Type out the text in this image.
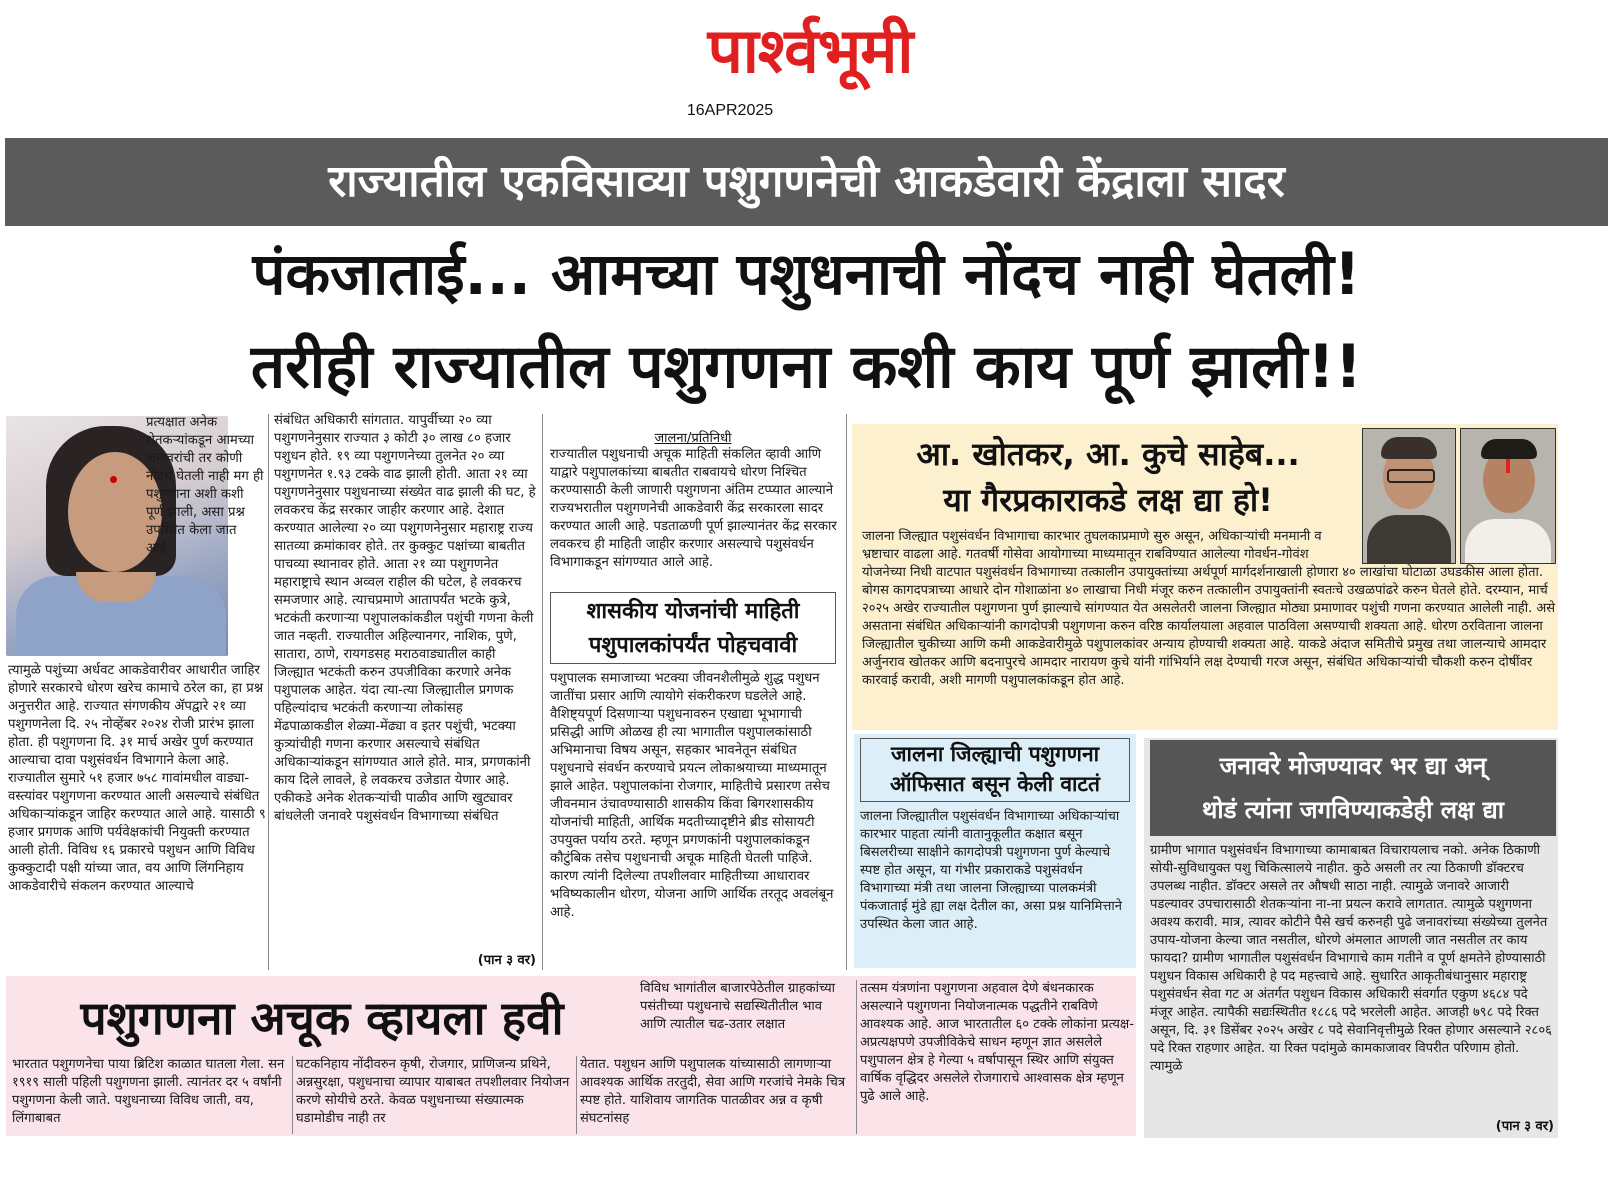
पार्श्वभूमी
16APR2025
राज्यातील एकविसाव्या पशुगणनेची आकडेवारी केंद्राला सादर
पंकजाताई... आमच्या पशुधनाची नोंदच नाही घेतली!
तरीही राज्यातील पशुगणना कशी काय पूर्ण झाली!!
प्रत्यक्षात अनेक शेतकऱ्यांकडून आमच्या जनावरांची तर कोणी नोंदच घेतली नाही मग ही पशुगणना अशी कशी पूर्ण झाली, असा प्रश्न उपस्थित केला जात आहे.
त्यामुळे पशुंच्या अर्धवट आकडेवारीवर आधारीत जाहिर होणारे सरकारचे धोरण खरेच कामाचे ठरेल का, हा प्रश्न अनुत्तरीत आहे. राज्यात संगणकीय ॲपद्वारे २१ व्या पशुगणनेला दि. २५ नोव्हेंबर २०२४ रोजी प्रारंभ झाला होता. ही पशुगणना दि. ३१ मार्च अखेर पुर्ण करण्यात आल्याचा दावा पशुसंवर्धन विभागाने केला आहे. राज्यातील सुमारे ५१ हजार ७५८ गावांमधील वाड्या-वस्त्यांवर पशुगणना करण्यात आली असल्याचे संबंधित अधिकाऱ्यांकडून जाहिर करण्यात आले आहे. यासाठी ९ हजार प्रगणक आणि पर्यवेक्षकांची नियुक्ती करण्यात आली होती. विविध १६ प्रकारचे पशुधन आणि विविध कुक्कुटादी पक्षी यांच्या जात, वय आणि लिंगनिहाय आकडेवारीचे संकलन करण्यात आल्याचे
संबंधित अधिकारी सांगतात. यापुर्वीच्या २० व्या पशुगणनेनुसार राज्यात ३ कोटी ३० लाख ८० हजार पशुधन होते. १९ व्या पशुगणनेच्या तुलनेत २० व्या पशुगणनेत १.९३ टक्के वाढ झाली होती. आता २१ व्या पशुगणनेनुसार पशुधनाच्या संख्येत वाढ झाली की घट, हे लवकरच केंद्र सरकार जाहीर करणार आहे. देशात करण्यात आलेल्या २० व्या पशुगणनेनुसार महाराष्ट्र राज्य सातव्या क्रमांकावर होते. तर कुक्कुट पक्षांच्या बाबतीत पाचव्या स्थानावर होते. आता २१ व्या पशुगणनेत महाराष्ट्राचे स्थान अव्वल राहील की घटेल, हे लवकरच समजणार आहे. त्याचप्रमाणे आतापर्यंत भटके कुत्रे, भटकंती करणाऱ्या पशुपालकांकडील पशुंची गणना केली जात नव्हती. राज्यातील अहिल्यानगर, नाशिक, पुणे, सातारा, ठाणे, रायगडसह मराठवाड्यातील काही जिल्ह्यात भटकंती करुन उपजीविका करणारे अनेक पशुपालक आहेत. यंदा त्या-त्या जिल्ह्यातील प्रगणक पहिल्यांदाच भटकंती करणाऱ्या लोकांसह मेंढपाळाकडील शेळ्या-मेंढ्या व इतर पशुंची, भटक्या कुत्र्यांचीही गणना करणार असल्याचे संबंधित अधिकाऱ्यांकडून सांगण्यात आले होते. मात्र, प्रगणकांनी काय दिले लावले, हे लवकरच उजेडात येणार आहे. एकीकडे अनेक शेतकऱ्यांची पाळीव आणि खुट्यावर बांधलेली जनावरे पशुसंवर्धन विभागाच्या संबंधित
(पान ३ वर)
जालना/प्रतिनिधी
राज्यातील पशुधनाची अचूक माहिती संकलित व्हावी आणि याद्वारे पशुपालकांच्या बाबतीत राबवायचे धोरण निश्चित करण्यासाठी केली जाणारी पशुगणना अंतिम टप्प्यात आल्याने राज्यभरातील पशुगणनेची आकडेवारी केंद्र सरकारला सादर करण्यात आली आहे. पडताळणी पूर्ण झाल्यानंतर केंद्र सरकार लवकरच ही माहिती जाहीर करणार असल्याचे पशुसंवर्धन विभागाकडून सांगण्यात आले आहे.
शासकीय योजनांची माहिती पशुपालकांपर्यंत पोहचवावी
पशुपालक समाजाच्या भटक्या जीवनशैलीमुळे शुद्ध पशुधन जातींचा प्रसार आणि त्यायोगे संकरीकरण घडलेले आहे. वैशिष्ट्यपूर्ण दिसणाऱ्या पशुधनावरुन एखाद्या भूभागाची प्रसिद्धी आणि ओळख ही त्या भागातील पशुपालकांसाठी अभिमानाचा विषय असून, सहकार भावनेतून संबंधित पशुधनाचे संवर्धन करण्याचे प्रयत्न लोकाश्रयाच्या माध्यमातून झाले आहेत. पशुपालकांना रोजगार, माहितीचे प्रसारण तसेच जीवनमान उंचावण्यासाठी शासकीय किंवा बिगरशासकीय योजनांची माहिती, आर्थिक मदतीच्यादृष्टीने ब्रीड सोसायटी उपयुक्त पर्याय ठरते. म्हणून प्रगणकांनी पशुपालकांकडून कौटुंबिक तसेच पशुधनाची अचूक माहिती घेतली पाहिजे. कारण त्यांनी दिलेल्या तपशीलवार माहितीच्या आधारावर भविष्यकालीन धोरण, योजना आणि आर्थिक तरतूद अवलंबून आहे.
आ. खोतकर, आ. कुचे साहेब...
या गैरप्रकाराकडे लक्ष द्या हो!
जालना जिल्ह्यात पशुसंवर्धन विभागाचा कारभार तुघलकाप्रमाणे सुरु असून, अधिकाऱ्यांची मनमानी व भ्रष्टाचार वाढला आहे. गतवर्षी गोसेवा आयोगाच्या माध्यमातून राबविण्यात आलेल्या गोवर्धन-गोवंश योजनेच्या निधी वाटपात पशुसंवर्धन विभागाच्या तत्कालीन उपायुक्तांच्या अर्थपूर्ण मार्गदर्शनाखाली होणारा ४० लाखांचा घोटाळा उघडकीस आला होता. बोगस कागदपत्राच्या आधारे दोन गोशाळांना ४० लाखाचा निधी मंजूर करुन तत्कालीन उपायुक्तांनी स्वतःचे उखळपांढरे करुन घेतले होते. दरम्यान, मार्च २०२५ अखेर राज्यातील पशुगणना पुर्ण झाल्याचे सांगण्यात येत असलेतरी जालना जिल्ह्यात मोठ्या प्रमाणावर पशुंची गणना करण्यात आलेली नाही. असे असताना संबंधित अधिकाऱ्यांनी कागदोपत्री पशुगणना करुन वरिष्ठ कार्यालयाला अहवाल पाठविला असण्याची शक्यता आहे. धोरण ठरविताना जालना जिल्ह्यातील चुकीच्या आणि कमी आकडेवारीमुळे पशुपालकांवर अन्याय होण्याची शक्यता आहे. याकडे अंदाज समितीचे प्रमुख तथा जालन्याचे आमदार अर्जुनराव खोतकर आणि बदनापुरचे आमदार नारायण कुचे यांनी गांभिर्याने लक्ष देण्याची गरज असून, संबंधित अधिकाऱ्यांची चौकशी करुन दोषींवर कारवाई करावी, अशी मागणी पशुपालकांकडून होत आहे.
जालना जिल्ह्याची पशुगणना
ऑफिसात बसून केली वाटतं
जालना जिल्ह्यातील पशुसंवर्धन विभागाच्या अधिकाऱ्यांचा कारभार पाहता त्यांनी वातानुकूलीत कक्षात बसून बिसलरीच्या साक्षीने कागदोपत्री पशुगणना पुर्ण केल्याचे स्पष्ट होत असून, या गंभीर प्रकाराकडे पशुसंवर्धन विभागाच्या मंत्री तथा जालना जिल्ह्याच्या पालकमंत्री पंकजाताई मुंडे ह्या लक्ष देतील का, असा प्रश्न यानिमित्ताने उपस्थित केला जात आहे.
जनावरे मोजण्यावर भर द्या अन्
थोडं त्यांना जगविण्याकडेही लक्ष द्या
ग्रामीण भागात पशुसंवर्धन विभागाच्या कामाबाबत विचारायलाच नको. अनेक ठिकाणी सोयी-सुविधायुक्त पशु चिकित्सालये नाहीत. कुठे असली तर त्या ठिकाणी डॉक्टरच उपलब्ध नाहीत. डॉक्टर असले तर औषधी साठा नाही. त्यामुळे जनावरे आजारी पडल्यावर उपचारासाठी शेतकऱ्यांना ना-ना प्रयत्न करावे लागतात. त्यामुळे पशुगणना अवश्य करावी. मात्र, त्यावर कोटीने पैसे खर्च करुनही पुढे जनावरांच्या संख्येच्या तुलनेत उपाय-योजना केल्या जात नसतील, धोरणे अंमलात आणली जात नसतील तर काय फायदा? ग्रामीण भागातील पशुसंवर्धन विभागाचे काम गतीने व पूर्ण क्षमतेने होण्यासाठी पशुधन विकास अधिकारी हे पद महत्त्वाचे आहे. सुधारित आकृतीबंधानुसार महाराष्ट्र पशुसंवर्धन सेवा गट अ अंतर्गत पशुधन विकास अधिकारी संवर्गात एकुण ४६८४ पदे मंजूर आहेत. त्यापैकी सद्यःस्थितीत १८८६ पदे भरलेली आहेत. आजही ७९८ पदे रिक्त असून, दि. ३१ डिसेंबर २०२५ अखेर ८ पदे सेवानिवृत्तीमुळे रिक्त होणार असल्याने २८०६ पदे रिक्त राहणार आहेत. या रिक्त पदांमुळे कामकाजावर विपरीत परिणाम होतो. त्यामुळे
(पान ३ वर)
पशुगणना अचूक व्हायला हवी
भारतात पशुगणनेचा पाया ब्रिटिश काळात घातला गेला. सन १९१९ साली पहिली पशुगणना झाली. त्यानंतर दर ५ वर्षांनी पशुगणना केली जाते. पशुधनाच्या विविध जाती, वय, लिंगाबाबत
घटकनिहाय नोंदीवरुन कृषी, रोजगार, प्राणिजन्य प्रथिने, अन्नसुरक्षा, पशुधनाचा व्यापार याबाबत तपशीलवार नियोजन करणे सोयीचे ठरते. केवळ पशुधनाच्या संख्यात्मक घडामोडीच नाही तर
विविध भागांतील बाजारपेठेतील ग्राहकांच्या पसंतीच्या पशुधनाचे सद्यस्थितीतील भाव आणि त्यातील चढ-उतार लक्षात
येतात. पशुधन आणि पशुपालक यांच्यासाठी लागणाऱ्या आवश्यक आर्थिक तरतुदी, सेवा आणि गरजांचे नेमके चित्र स्पष्ट होते. याशिवाय जागतिक पातळीवर अन्न व कृषी संघटनांसह
तत्सम यंत्रणांना पशुगणना अहवाल देणे बंधनकारक असल्याने पशुगणना नियोजनात्मक पद्धतीने राबविणे आवश्यक आहे. आज भारतातील ६० टक्के लोकांना प्रत्यक्ष-अप्रत्यक्षपणे उपजीविकेचे साधन म्हणून ज्ञात असलेले पशुपालन क्षेत्र हे गेल्या ५ वर्षापासून स्थिर आणि संयुक्त वार्षिक वृद्धिदर असलेले रोजगाराचे आश्वासक क्षेत्र म्हणून पुढे आले आहे.
